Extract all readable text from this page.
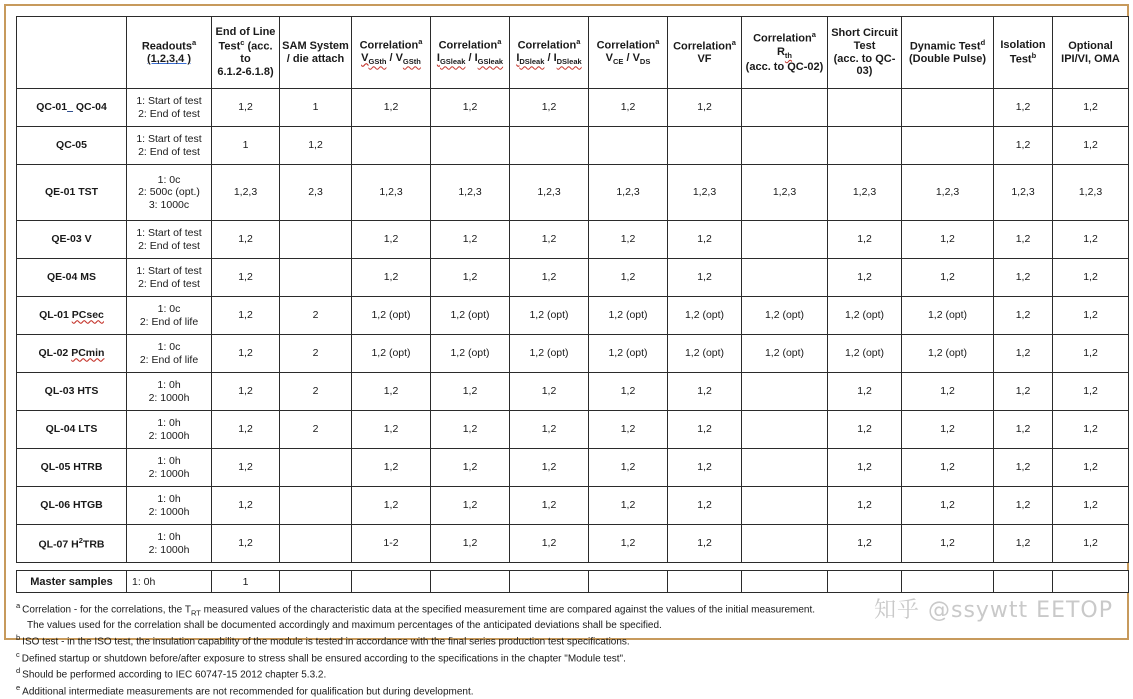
	Readouts$^a$
(1,2,3,4 )	End of Line
Test$^c$ (acc. to
6.1.2-6.1.8)	SAM System
/ die attach	Correlation$^a$
$V_{GSth} / V_{GSth}$	Correlation$^a$
$I_{GSleak} / I_{GSleak}$	Correlation$^a$
$I_{DSleak} / I_{DSleak}$	Correlation$^a$
$V_{CE} / V_{DS}$	Correlation$^a$
VF	Correlation$^a$
$R_{th}$
(acc. to QC-02)	Short Circuit
Test
(acc. to QC-03)	Dynamic Test$^d$
(Double Pulse)	Isolation
Test$^b$	Optional
IPI/VI, OMA

QC-01_ QC-04	1: Start of test
2: End of test	1,2	1	1,2	1,2	1,2	1,2	1,2				1,2	1,2
QC-05	1: Start of test
2: End of test	1	1,2									1,2	1,2
QE-01 TST	1: 0c
2: 500c (opt.)
3: 1000c	1,2,3	2,3	1,2,3	1,2,3	1,2,3	1,2,3	1,2,3	1,2,3	1,2,3	1,2,3	1,2,3	1,2,3
QE-03 V	1: Start of test
2: End of test	1,2		1,2	1,2	1,2	1,2	1,2		1,2	1,2	1,2	1,2
QE-04 MS	1: Start of test
2: End of test	1,2		1,2	1,2	1,2	1,2	1,2		1,2	1,2	1,2	1,2
QL-01 PCsec	1: 0c
2: End of life	1,2	2	1,2 (opt)	1,2 (opt)	1,2 (opt)	1,2 (opt)	1,2 (opt)	1,2 (opt)	1,2 (opt)	1,2 (opt)	1,2	1,2
QL-02 PCmin	1: 0c
2: End of life	1,2	2	1,2 (opt)	1,2 (opt)	1,2 (opt)	1,2 (opt)	1,2 (opt)	1,2 (opt)	1,2 (opt)	1,2 (opt)	1,2	1,2
QL-03 HTS	1: 0h
2: 1000h	1,2	2	1,2	1,2	1,2	1,2	1,2		1,2	1,2	1,2	1,2
QL-04 LTS	1: 0h
2: 1000h	1,2	2	1,2	1,2	1,2	1,2	1,2		1,2	1,2	1,2	1,2
QL-05 HTRB	1: 0h
2: 1000h	1,2		1,2	1,2	1,2	1,2	1,2		1,2	1,2	1,2	1,2
QL-06 HTGB	1: 0h
2: 1000h	1,2		1,2	1,2	1,2	1,2	1,2		1,2	1,2	1,2	1,2
QL-07 $H^2TRB$	1: 0h
2: 1000h	1,2		1-2	1,2	1,2	1,2	1,2		1,2	1,2	1,2	1,2
Master samples	1: 0h	1											
$^a$ Correlation - for the correlations, the $T_{RT}$ measured values of the characteristic data at the specified measurement time are compared against the values of the initial measurement.
The values used for the correlation shall be documented accordingly and maximum percentages of the anticipated deviations shall be specified.
$^b$ ISO test - in the ISO test, the insulation capability of the module is tested in accordance with the final series production test specifications.
$^c$ Defined startup or shutdown before/after exposure to stress shall be ensured according to the specifications in the chapter "Module test".
$^d$ Should be performed according to IEC 60747-15 2012 chapter 5.3.2.
$^e$ Additional intermediate measurements are not recommended for qualification but during development.
知乎 @ssywtt EETOP
